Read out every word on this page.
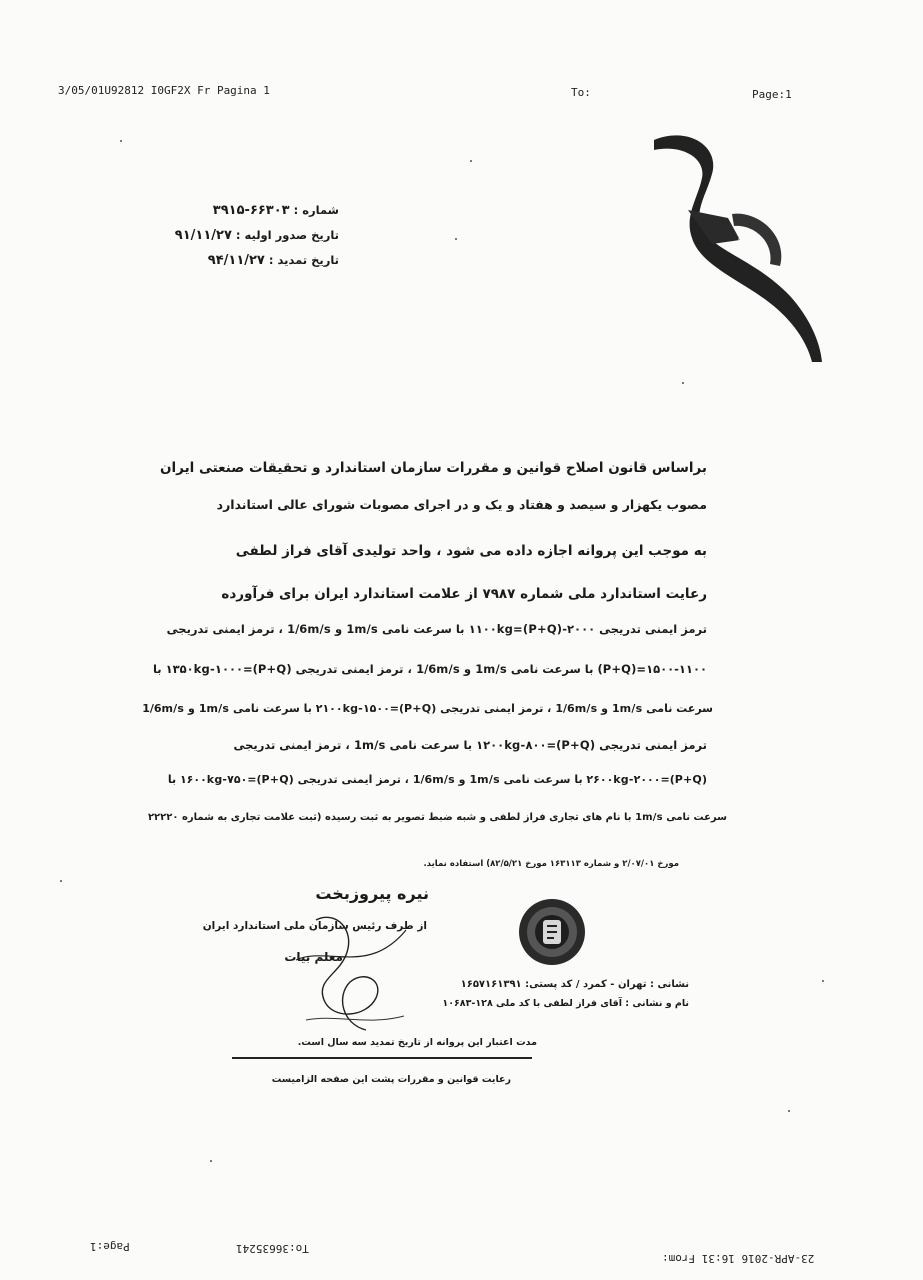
3/05/01U92812 I0GF2X Fr Pagina 1	To:	Page:1
۵۸
شماره : ۶۶۳۰۳-۳۹۱۵
تاریخ صدور اولیه : ۹۱/۱۱/۲۷
تاریخ تمدید : ۹۴/۱۱/۲۷
براساس قانون اصلاح قوانین و مقررات سازمان استاندارد و تحقیقات صنعتی ایران
مصوب یکهزار و سیصد و هفتاد و یک و در اجرای مصوبات شورای عالی استاندارد
به موجب این پروانه اجازه داده می شود ، واحد تولیدی آقای فراز لطفی
رعایت استاندارد ملی شماره ۷۹۸۷ از علامت استاندارد ایران برای فرآورده
ترمز ایمنی تدریجی ۲۰۰۰-۱۱۰۰kg=(P+Q) با سرعت نامی 1m/s و 1/6m/s ، ترمز ایمنی تدریجی
۱۵۰۰-۱۱۰۰=(P+Q) با سرعت نامی 1m/s و 1/6m/s ، ترمز ایمنی تدریجی ۱۳۵۰kg-۱۰۰۰=(P+Q) با
سرعت نامی 1m/s و 1/6m/s ، ترمز ایمنی تدریجی ۲۱۰۰kg-۱۵۰۰=(P+Q) با سرعت نامی 1m/s و 1/6m/s
ترمز ایمنی تدریجی ۱۲۰۰kg-۸۰۰=(P+Q) با سرعت نامی 1m/s ، ترمز ایمنی تدریجی
۲۶۰۰kg-۲۰۰۰=(P+Q) با سرعت نامی 1m/s و 1/6m/s ، ترمز ایمنی تدریجی ۱۶۰۰kg-۷۵۰=(P+Q) با
سرعت نامی 1m/s با نام های تجاری فراز لطفی و شبه ضبط تصویر به ثبت رسیده (ثبت علامت تجاری به شماره ۲۲۲۲۰
مورخ ۲/۰۷/۰۱ و شماره ۱۶۳۱۱۳ مورخ ۸۲/۵/۲۱) استفاده نماید.
نیره پیروزبخت
از طرف رئیس سازمان ملی استاندارد ایران
معلم بیات
نشانی : تهران - کمرد / کد پستی: ۱۶۵۷۱۶۱۳۹۱
نام و نشانی : آقای فراز لطفی با کد ملی ۱۲۸-۱۰۶۸۳
مدت اعتبار این پروانه از تاریخ تمدید سه سال است.
رعایت قوانین و مقررات پشت این صفحه الزامیست
Page:1	To:36635241
23-APR-2016 16:31 From:
